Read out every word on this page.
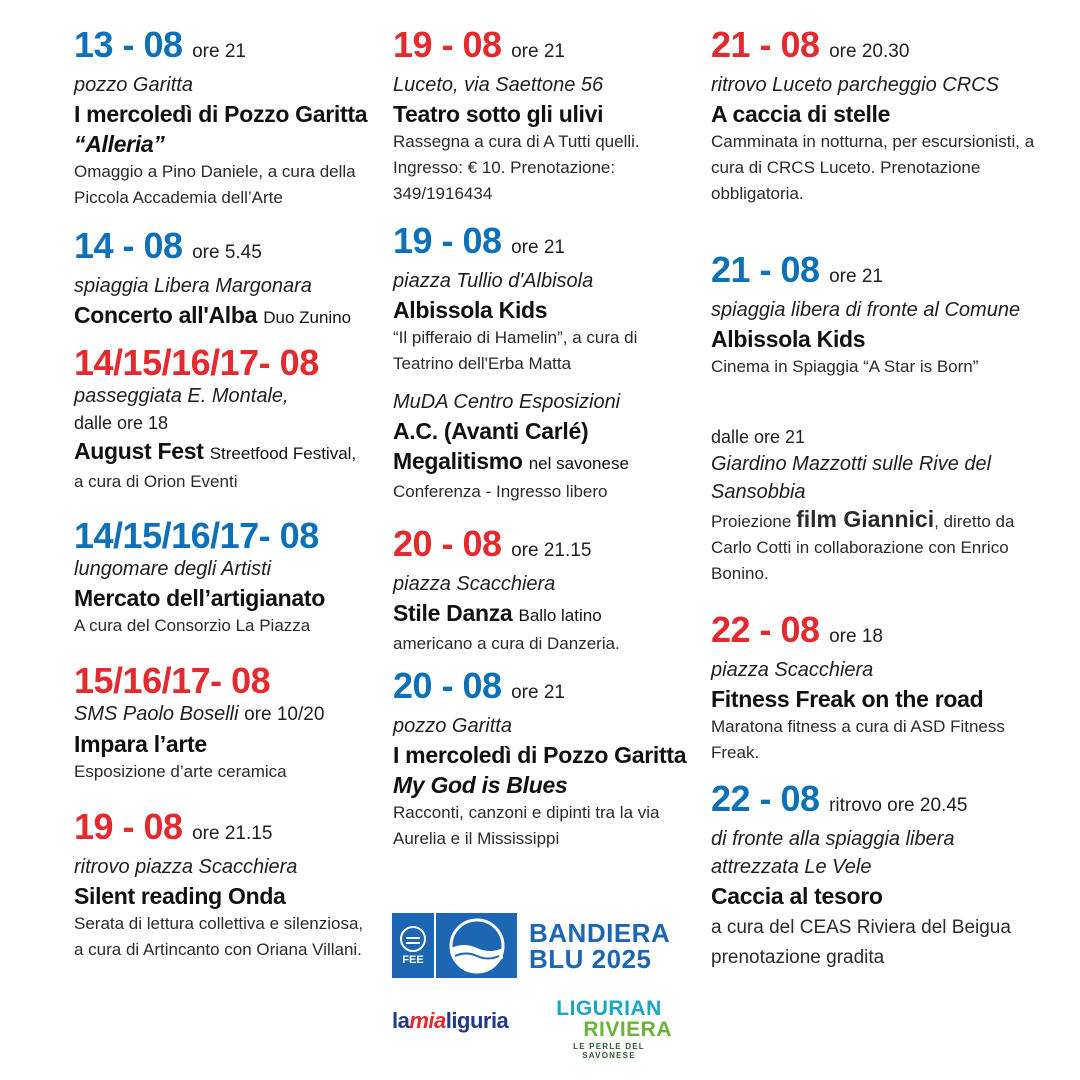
13 - 08 ore 21
pozzo Garitta
I mercoledì di Pozzo Garitta “Alleria”
Omaggio a Pino Daniele, a cura della Piccola Accademia dell’Arte
14 - 08 ore 5.45
spiaggia Libera Margonara
Concerto all'Alba Duo Zunino
14/15/16/17- 08
passeggiata E. Montale,
dalle ore 18
August Fest Streetfood Festival,
a cura di Orion Eventi
14/15/16/17- 08
lungomare degli Artisti
Mercato dell’artigianato
A cura del Consorzio La Piazza
15/16/17- 08
SMS Paolo Boselli ore 10/20
Impara l’arte
Esposizione d’arte ceramica
19 - 08 ore 21.15
ritrovo piazza Scacchiera
Silent reading Onda
Serata di lettura collettiva e silenziosa, a cura di Artincanto con Oriana Villani.
19 - 08 ore 21
Luceto, via Saettone 56
Teatro sotto gli ulivi
Rassegna a cura di A Tutti quelli. Ingresso: € 10. Prenotazione: 349/1916434
19 - 08 ore 21
piazza Tullio d'Albisola
Albissola Kids
“Il pifferaio di Hamelin”, a cura di Teatrino dell'Erba Matta
MuDA Centro Esposizioni
A.C. (Avanti Carlé) Megalitismo nel savonese
Conferenza - Ingresso libero
20 - 08 ore 21.15
piazza Scacchiera
Stile Danza Ballo latino
americano a cura di Danzeria.
20 - 08 ore 21
pozzo Garitta
I mercoledì di Pozzo Garitta
My God is Blues
Racconti, canzoni e dipinti tra la via Aurelia e il Mississippi
21 - 08 ore 20.30
ritrovo Luceto parcheggio CRCS
A caccia di stelle
Camminata in notturna, per escursionisti, a cura di CRCS Luceto. Prenotazione obbligatoria.
21 - 08 ore 21
spiaggia libera di fronte al Comune
Albissola Kids
Cinema in Spiaggia “A Star is Born”
dalle ore 21
Giardino Mazzotti sulle Rive del Sansobbia
Proiezione film Giannici, diretto da Carlo Cotti in collaborazione con Enrico Bonino.
22 - 08 ore 18
piazza Scacchiera
Fitness Freak on the road
Maratona fitness a cura di ASD Fitness Freak.
22 - 08 ritrovo ore 20.45
di fronte alla spiaggia libera attrezzata Le Vele
Caccia al tesoro
a cura del CEAS Riviera del Beigua prenotazione gradita
FEE
BANDIERA
BLU 2025
lamialiguria	LIGURIAN
RIVIERA
LE PERLE DEL SAVONESE
